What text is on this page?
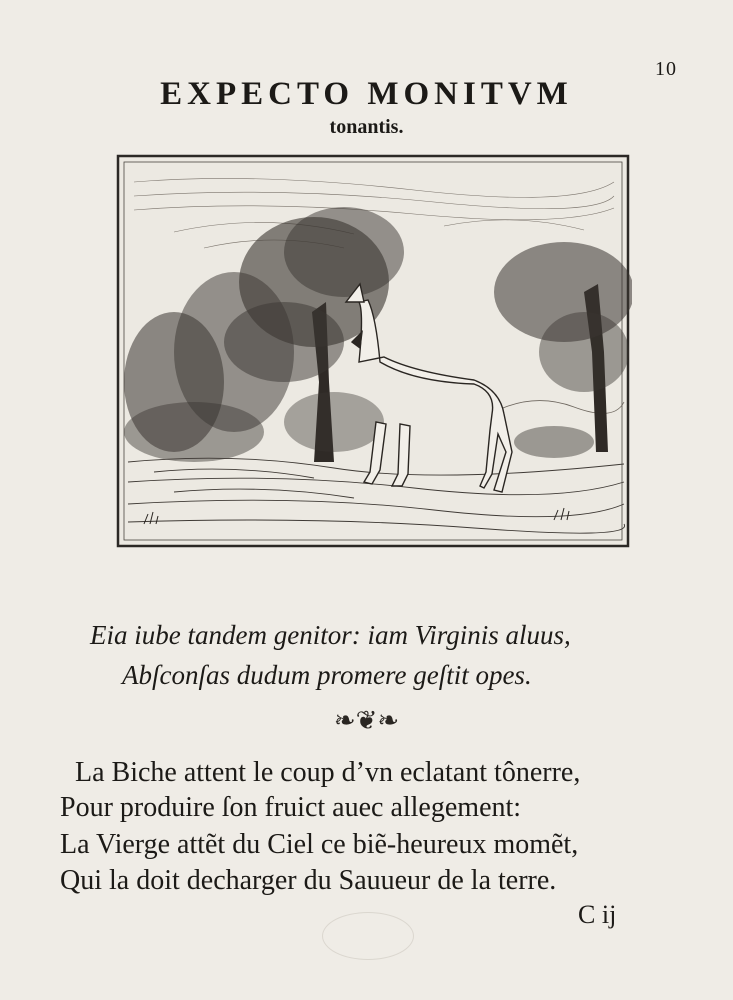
10
EXPECTO MONITVM
tonantis.
Eia iube tandem genitor: iam Virginis aluus,
Abſconſas dudum promere geſtit opes.
❧❦❧
La Biche attent le coup d’vn eclatant tônerre,
Pour produire ſon fruict auec allegement:
La Vierge attẽt du Ciel ce biẽ-heureux momẽt,
Qui la doit decharger du Sauueur de la terre.
C ij
